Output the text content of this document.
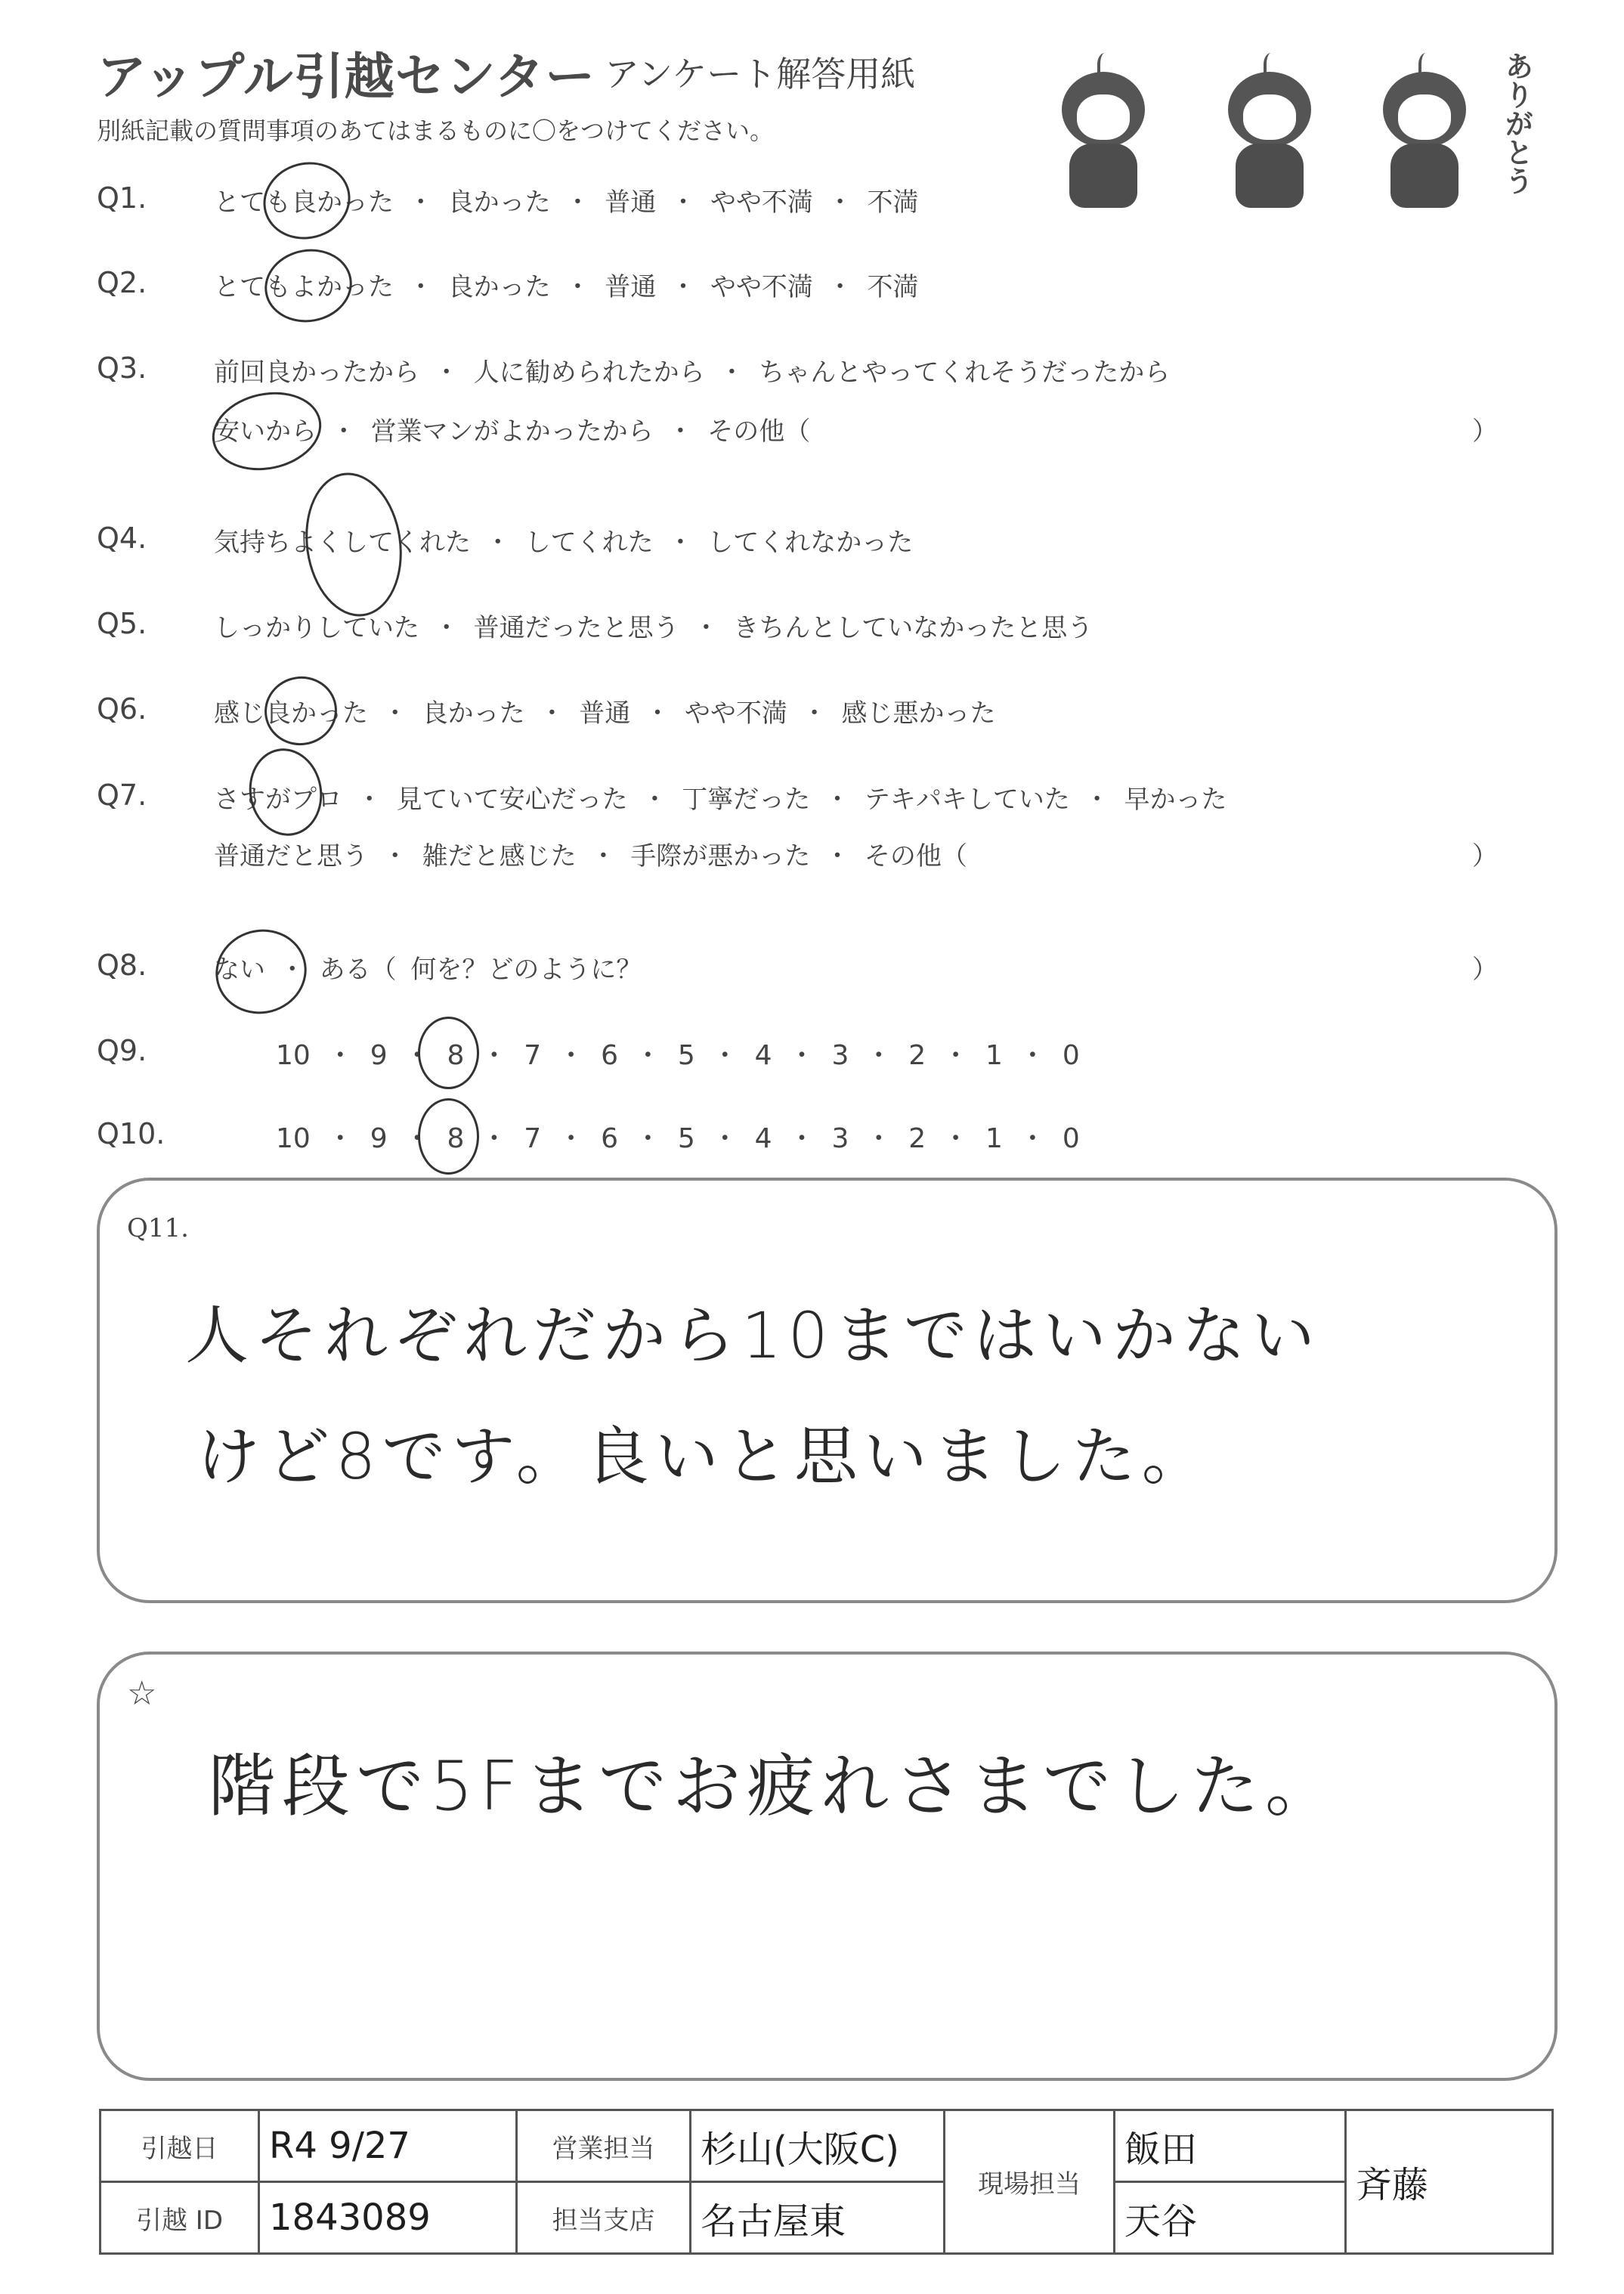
アップル引越センター アンケート解答用紙
別紙記載の質問事項のあてはまるものに〇をつけてください。	ありがとう
Q1.	とても良かった ・ 良かった ・ 普通 ・ やや不満 ・ 不満
Q2.	とてもよかった ・ 良かった ・ 普通 ・ やや不満 ・ 不満
Q3.	前回良かったから ・ 人に勧められたから ・ ちゃんとやってくれそうだったから
安いから ・ 営業マンがよかったから ・ その他（	）
Q4.	気持ちよくしてくれた ・ してくれた ・ してくれなかった
Q5.	しっかりしていた ・ 普通だったと思う ・ きちんとしていなかったと思う
Q6.	感じ良かった ・ 良かった ・ 普通 ・ やや不満 ・ 感じ悪かった
Q7.	さすがプロ ・ 見ていて安心だった ・ 丁寧だった ・ テキパキしていた ・ 早かった
普通だと思う ・ 雑だと感じた ・ 手際が悪かった ・ その他（	）
Q8.	ない ・ ある（ 何を？どのように？	）
Q9.	10 ・ 9 ・ 8 ・ 7 ・ 6 ・ 5 ・ 4 ・ 3 ・ 2 ・ 1 ・ 0
Q10.	10 ・ 9 ・ 8 ・ 7 ・ 6 ・ 5 ・ 4 ・ 3 ・ 2 ・ 1 ・ 0
Q11.
人それぞれだから10まではいかない
けど8です。良いと思いました。
☆
階段で5Fまでお疲れさまでした。
引越日	R4 9/27	営業担当	杉山(大阪C)	現場担当	飯田	斉藤
引越 ID	1843089	担当支店	名古屋東		天谷	
